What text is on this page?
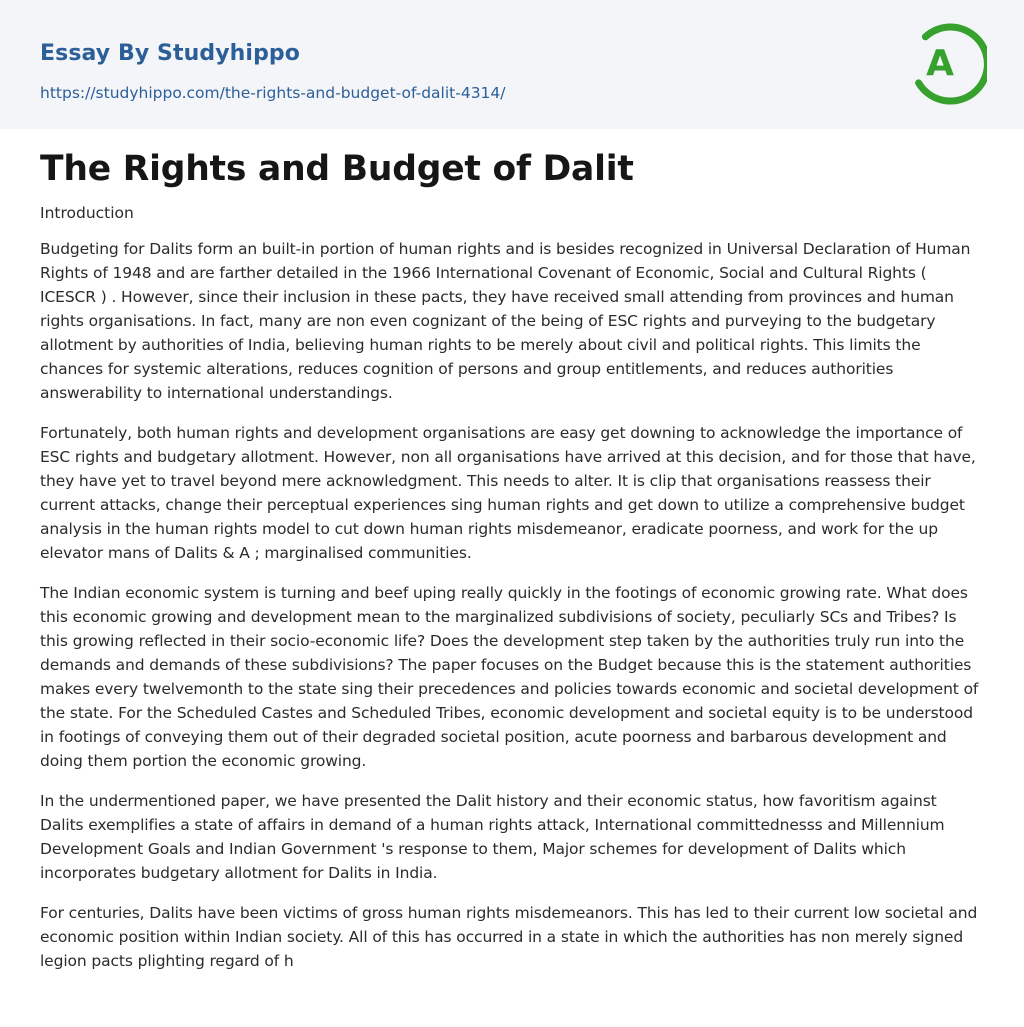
Essay By Studyhippo
https://studyhippo.com/the-rights-and-budget-of-dalit-4314/
A
The Rights and Budget of Dalit

Introduction

Budgeting for Dalits form an built-in portion of human rights and is besides recognized in Universal Declaration of Human Rights of 1948 and are farther detailed in the 1966 International Covenant of Economic, Social and Cultural Rights ( ICESCR ) . However, since their inclusion in these pacts, they have received small attending from provinces and human rights organisations. In fact, many are non even cognizant of the being of ESC rights and purveying to the budgetary allotment by authorities of India, believing human rights to be merely about civil and political rights. This limits the chances for systemic alterations, reduces cognition of persons and group entitlements, and reduces authorities answerability to international understandings.

Fortunately, both human rights and development organisations are easy get downing to acknowledge the importance of ESC rights and budgetary allotment. However, non all organisations have arrived at this decision, and for those that have, they have yet to travel beyond mere acknowledgment. This needs to alter. It is clip that organisations reassess their current attacks, change their perceptual experiences sing human rights and get down to utilize a comprehensive budget analysis in the human rights model to cut down human rights misdemeanor, eradicate poorness, and work for the up elevator mans of Dalits & A ; marginalised communities.

The Indian economic system is turning and beef uping really quickly in the footings of economic growing rate. What does this economic growing and development mean to the marginalized subdivisions of society, peculiarly SCs and Tribes? Is this growing reflected in their socio-economic life? Does the development step taken by the authorities truly run into the demands and demands of these subdivisions? The paper focuses on the Budget because this is the statement authorities makes every twelvemonth to the state sing their precedences and policies towards economic and societal development of the state. For the Scheduled Castes and Scheduled Tribes, economic development and societal equity is to be understood in footings of conveying them out of their degraded societal position, acute poorness and barbarous development and doing them portion the economic growing.

In the undermentioned paper, we have presented the Dalit history and their economic status, how favoritism against Dalits exemplifies a state of affairs in demand of a human rights attack, International committednesss and Millennium Development Goals and Indian Government 's response to them, Major schemes for development of Dalits which incorporates budgetary allotment for Dalits in India.

For centuries, Dalits have been victims of gross human rights misdemeanors. This has led to their current low societal and economic position within Indian society. All of this has occurred in a state in which the authorities has non merely signed legion pacts plighting regard of h
